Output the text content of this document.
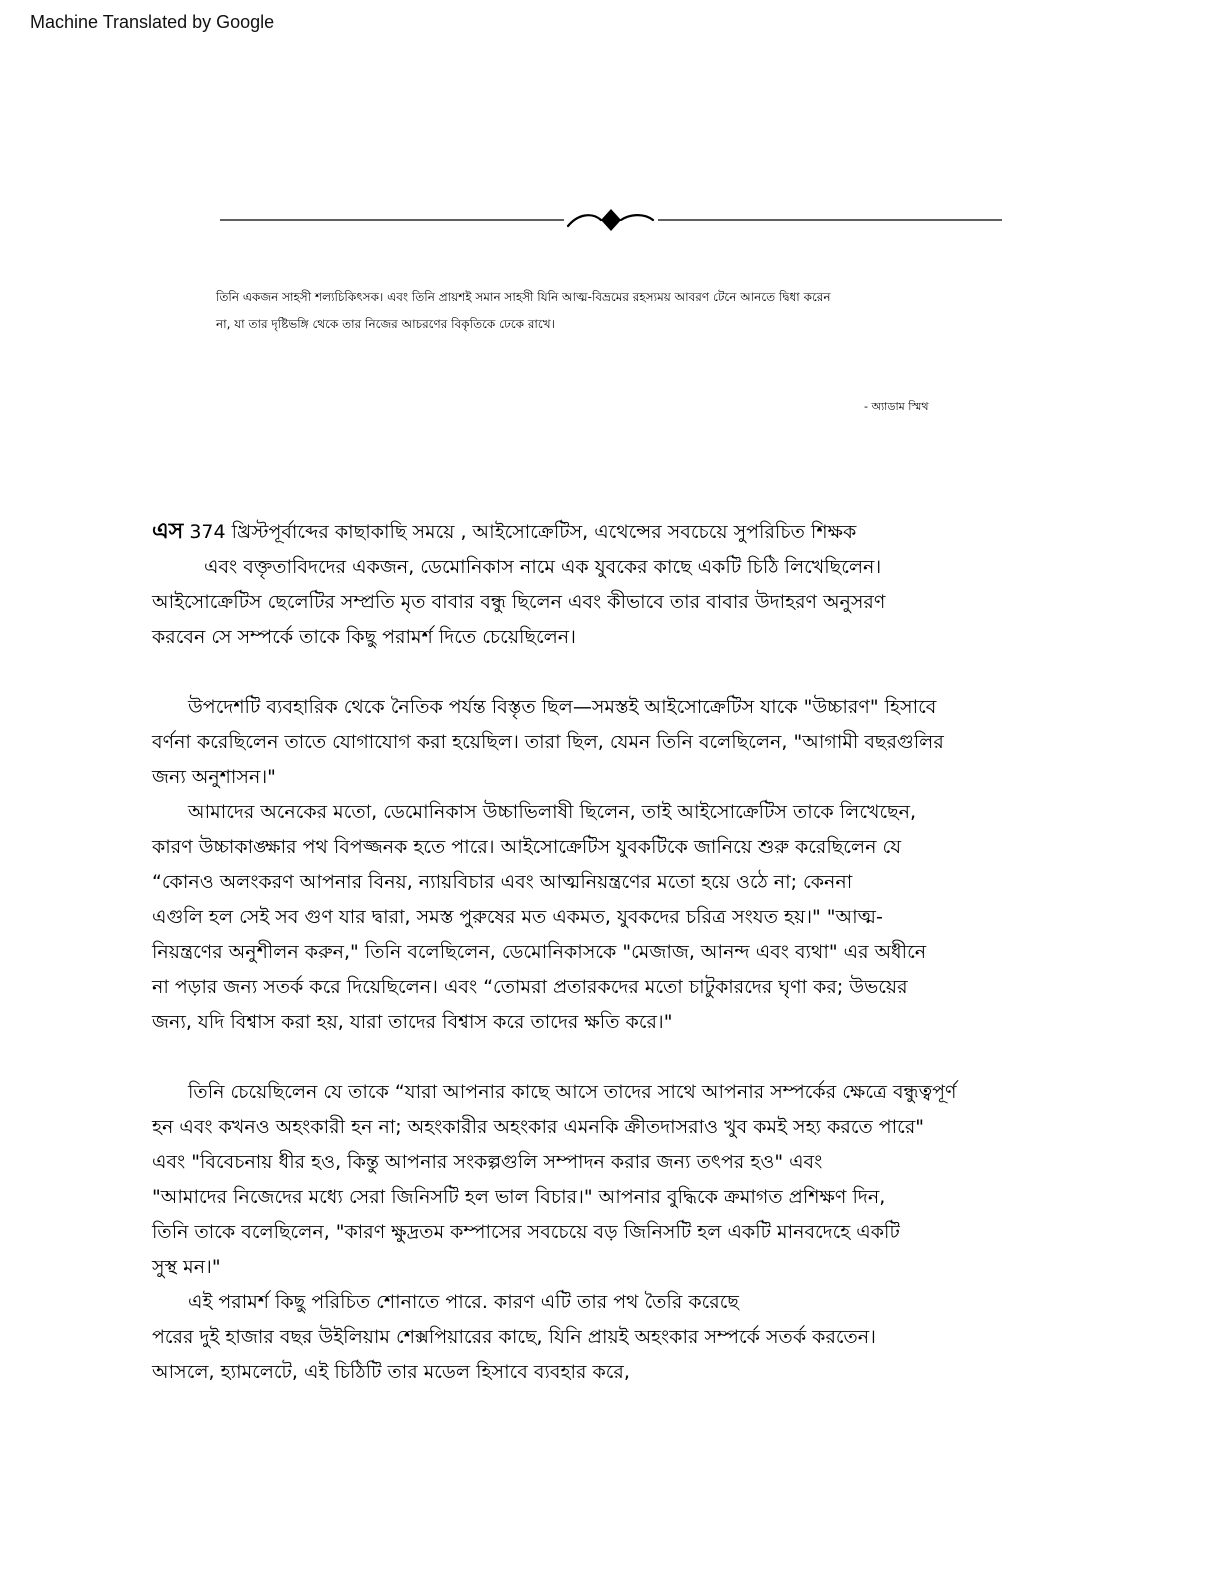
Machine Translated by Google

তিনি একজন সাহসী শল্যচিকিৎসক। এবং তিনি প্রায়শই সমান সাহসী যিনি আত্ম-বিভ্রমের রহস্যময় আবরণ টেনে আনতে দ্বিধা করেন

না, যা তার দৃষ্টিভঙ্গি থেকে তার নিজের আচরণের বিকৃতিকে ঢেকে রাখে।

- অ্যাডাম স্মিথ

এস 374 খ্রিস্টপূর্বাব্দের কাছাকাছি সময়ে , আইসোক্রেটিস, এথেন্সের সবচেয়ে সুপরিচিত শিক্ষক

এবং বক্তৃতাবিদদের একজন, ডেমোনিকাস নামে এক যুবকের কাছে একটি চিঠি লিখেছিলেন।

আইসোক্রেটিস ছেলেটির সম্প্রতি মৃত বাবার বন্ধু ছিলেন এবং কীভাবে তার বাবার উদাহরণ অনুসরণ

করবেন সে সম্পর্কে তাকে কিছু পরামর্শ দিতে চেয়েছিলেন।

উপদেশটি ব্যবহারিক থেকে নৈতিক পর্যন্ত বিস্তৃত ছিল—সমস্তই আইসোক্রেটিস যাকে "উচ্চারণ" হিসাবে

বর্ণনা করেছিলেন তাতে যোগাযোগ করা হয়েছিল। তারা ছিল, যেমন তিনি বলেছিলেন, "আগামী বছরগুলির

জন্য অনুশাসন।"

আমাদের অনেকের মতো, ডেমোনিকাস উচ্চাভিলাষী ছিলেন, তাই আইসোক্রেটিস তাকে লিখেছেন,

কারণ উচ্চাকাঙ্ক্ষার পথ বিপজ্জনক হতে পারে। আইসোক্রেটিস যুবকটিকে জানিয়ে শুরু করেছিলেন যে

“কোনও অলংকরণ আপনার বিনয়, ন্যায়বিচার এবং আত্মনিয়ন্ত্রণের মতো হয়ে ওঠে না; কেননা

এগুলি হল সেই সব গুণ যার দ্বারা, সমস্ত পুরুষের মত একমত, যুবকদের চরিত্র সংযত হয়।" "আত্ম-

নিয়ন্ত্রণের অনুশীলন করুন," তিনি বলেছিলেন, ডেমোনিকাসকে "মেজাজ, আনন্দ এবং ব্যথা" এর অধীনে

না পড়ার জন্য সতর্ক করে দিয়েছিলেন। এবং “তোমরা প্রতারকদের মতো চাটুকারদের ঘৃণা কর; উভয়ের

জন্য, যদি বিশ্বাস করা হয়, যারা তাদের বিশ্বাস করে তাদের ক্ষতি করে।"

তিনি চেয়েছিলেন যে তাকে “যারা আপনার কাছে আসে তাদের সাথে আপনার সম্পর্কের ক্ষেত্রে বন্ধুত্বপূর্ণ

হন এবং কখনও অহংকারী হন না; অহংকারীর অহংকার এমনকি ক্রীতদাসরাও খুব কমই সহ্য করতে পারে"

এবং "বিবেচনায় ধীর হও, কিন্তু আপনার সংকল্পগুলি সম্পাদন করার জন্য তৎপর হও" এবং

"আমাদের নিজেদের মধ্যে সেরা জিনিসটি হল ভাল বিচার।" আপনার বুদ্ধিকে ক্রমাগত প্রশিক্ষণ দিন,

তিনি তাকে বলেছিলেন, "কারণ ক্ষুদ্রতম কম্পাসের সবচেয়ে বড় জিনিসটি হল একটি মানবদেহে একটি

সুস্থ মন।"

এই পরামর্শ কিছু পরিচিত শোনাতে পারে. কারণ এটি তার পথ তৈরি করেছে

পরের দুই হাজার বছর উইলিয়াম শেক্সপিয়ারের কাছে, যিনি প্রায়ই অহংকার সম্পর্কে সতর্ক করতেন।

আসলে, হ্যামলেটে, এই চিঠিটি তার মডেল হিসাবে ব্যবহার করে,
